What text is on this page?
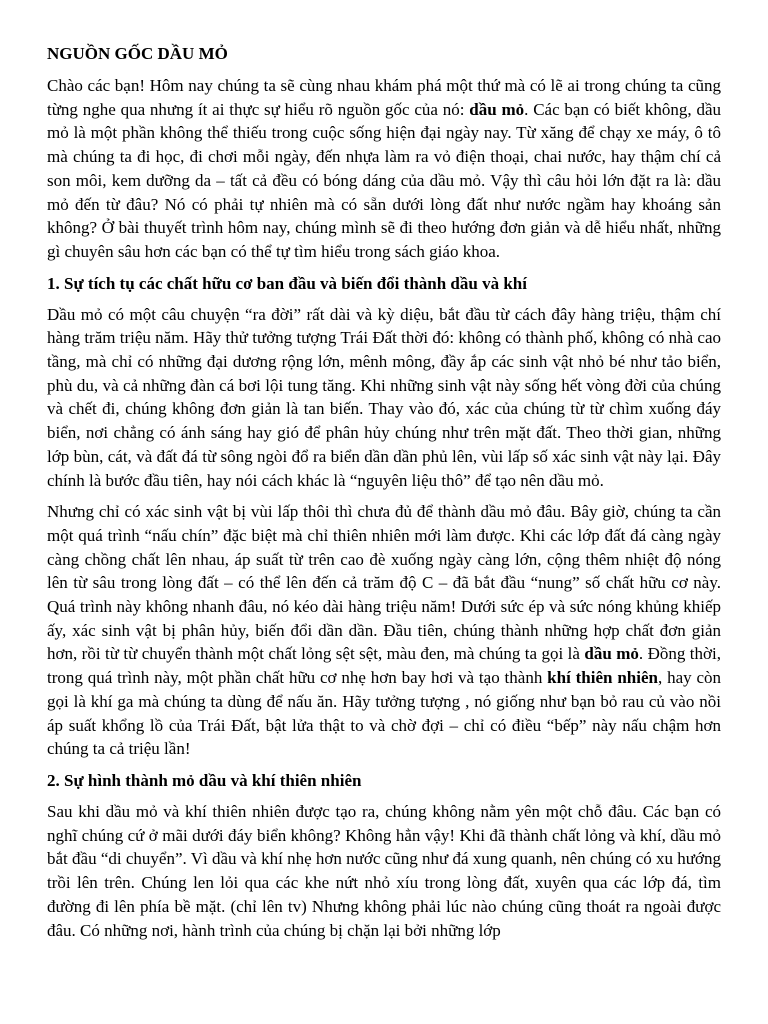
NGUỒN GỐC DẦU MỎ

Chào các bạn! Hôm nay chúng ta sẽ cùng nhau khám phá một thứ mà có lẽ ai trong chúng ta cũng từng nghe qua nhưng ít ai thực sự hiểu rõ nguồn gốc của nó: dầu mỏ. Các bạn có biết không, dầu mỏ là một phần không thể thiếu trong cuộc sống hiện đại ngày nay. Từ xăng để chạy xe máy, ô tô mà chúng ta đi học, đi chơi mỗi ngày, đến nhựa làm ra vỏ điện thoại, chai nước, hay thậm chí cả son môi, kem dưỡng da – tất cả đều có bóng dáng của dầu mỏ. Vậy thì câu hỏi lớn đặt ra là: dầu mỏ đến từ đâu? Nó có phải tự nhiên mà có sẵn dưới lòng đất như nước ngầm hay khoáng sản không? Ở bài thuyết trình hôm nay, chúng mình sẽ đi theo hướng đơn giản và dễ hiểu nhất, những gì chuyên sâu hơn các bạn có thể tự tìm hiểu trong sách giáo khoa.

1. Sự tích tụ các chất hữu cơ ban đầu và biến đổi thành dầu và khí

Dầu mỏ có một câu chuyện “ra đời” rất dài và kỳ diệu, bắt đầu từ cách đây hàng triệu, thậm chí hàng trăm triệu năm. Hãy thử tưởng tượng Trái Đất thời đó: không có thành phố, không có nhà cao tầng, mà chỉ có những đại dương rộng lớn, mênh mông, đầy ắp các sinh vật nhỏ bé như tảo biển, phù du, và cả những đàn cá bơi lội tung tăng. Khi những sinh vật này sống hết vòng đời của chúng và chết đi, chúng không đơn giản là tan biến. Thay vào đó, xác của chúng từ từ chìm xuống đáy biển, nơi chẳng có ánh sáng hay gió để phân hủy chúng như trên mặt đất. Theo thời gian, những lớp bùn, cát, và đất đá từ sông ngòi đổ ra biển dần dần phủ lên, vùi lấp số xác sinh vật này lại. Đây chính là bước đầu tiên, hay nói cách khác là “nguyên liệu thô” để tạo nên dầu mỏ.

Nhưng chỉ có xác sinh vật bị vùi lấp thôi thì chưa đủ để thành dầu mỏ đâu. Bây giờ, chúng ta cần một quá trình “nấu chín” đặc biệt mà chỉ thiên nhiên mới làm được. Khi các lớp đất đá càng ngày càng chồng chất lên nhau, áp suất từ trên cao đè xuống ngày càng lớn, cộng thêm nhiệt độ nóng lên từ sâu trong lòng đất – có thể lên đến cả trăm độ C – đã bắt đầu “nung” số chất hữu cơ này. Quá trình này không nhanh đâu, nó kéo dài hàng triệu năm! Dưới sức ép và sức nóng khủng khiếp ấy, xác sinh vật bị phân hủy, biến đổi dần dần. Đầu tiên, chúng thành những hợp chất đơn giản hơn, rồi từ từ chuyển thành một chất lỏng sệt sệt, màu đen, mà chúng ta gọi là dầu mỏ. Đồng thời, trong quá trình này, một phần chất hữu cơ nhẹ hơn bay hơi và tạo thành khí thiên nhiên, hay còn gọi là khí ga mà chúng ta dùng để nấu ăn. Hãy tưởng tượng , nó giống như bạn bỏ rau củ vào nồi áp suất khổng lồ của Trái Đất, bật lửa thật to và chờ đợi – chỉ có điều “bếp” này nấu chậm hơn chúng ta cả triệu lần!

2. Sự hình thành mỏ dầu và khí thiên nhiên

Sau khi dầu mỏ và khí thiên nhiên được tạo ra, chúng không nằm yên một chỗ đâu. Các bạn có nghĩ chúng cứ ở mãi dưới đáy biển không? Không hẳn vậy! Khi đã thành chất lỏng và khí, dầu mỏ bắt đầu “di chuyển”. Vì dầu và khí nhẹ hơn nước cũng như đá xung quanh, nên chúng có xu hướng trồi lên trên. Chúng len lỏi qua các khe nứt nhỏ xíu trong lòng đất, xuyên qua các lớp đá, tìm đường đi lên phía bề mặt. (chỉ lên tv) Nhưng không phải lúc nào chúng cũng thoát ra ngoài được đâu. Có những nơi, hành trình của chúng bị chặn lại bởi những lớp
